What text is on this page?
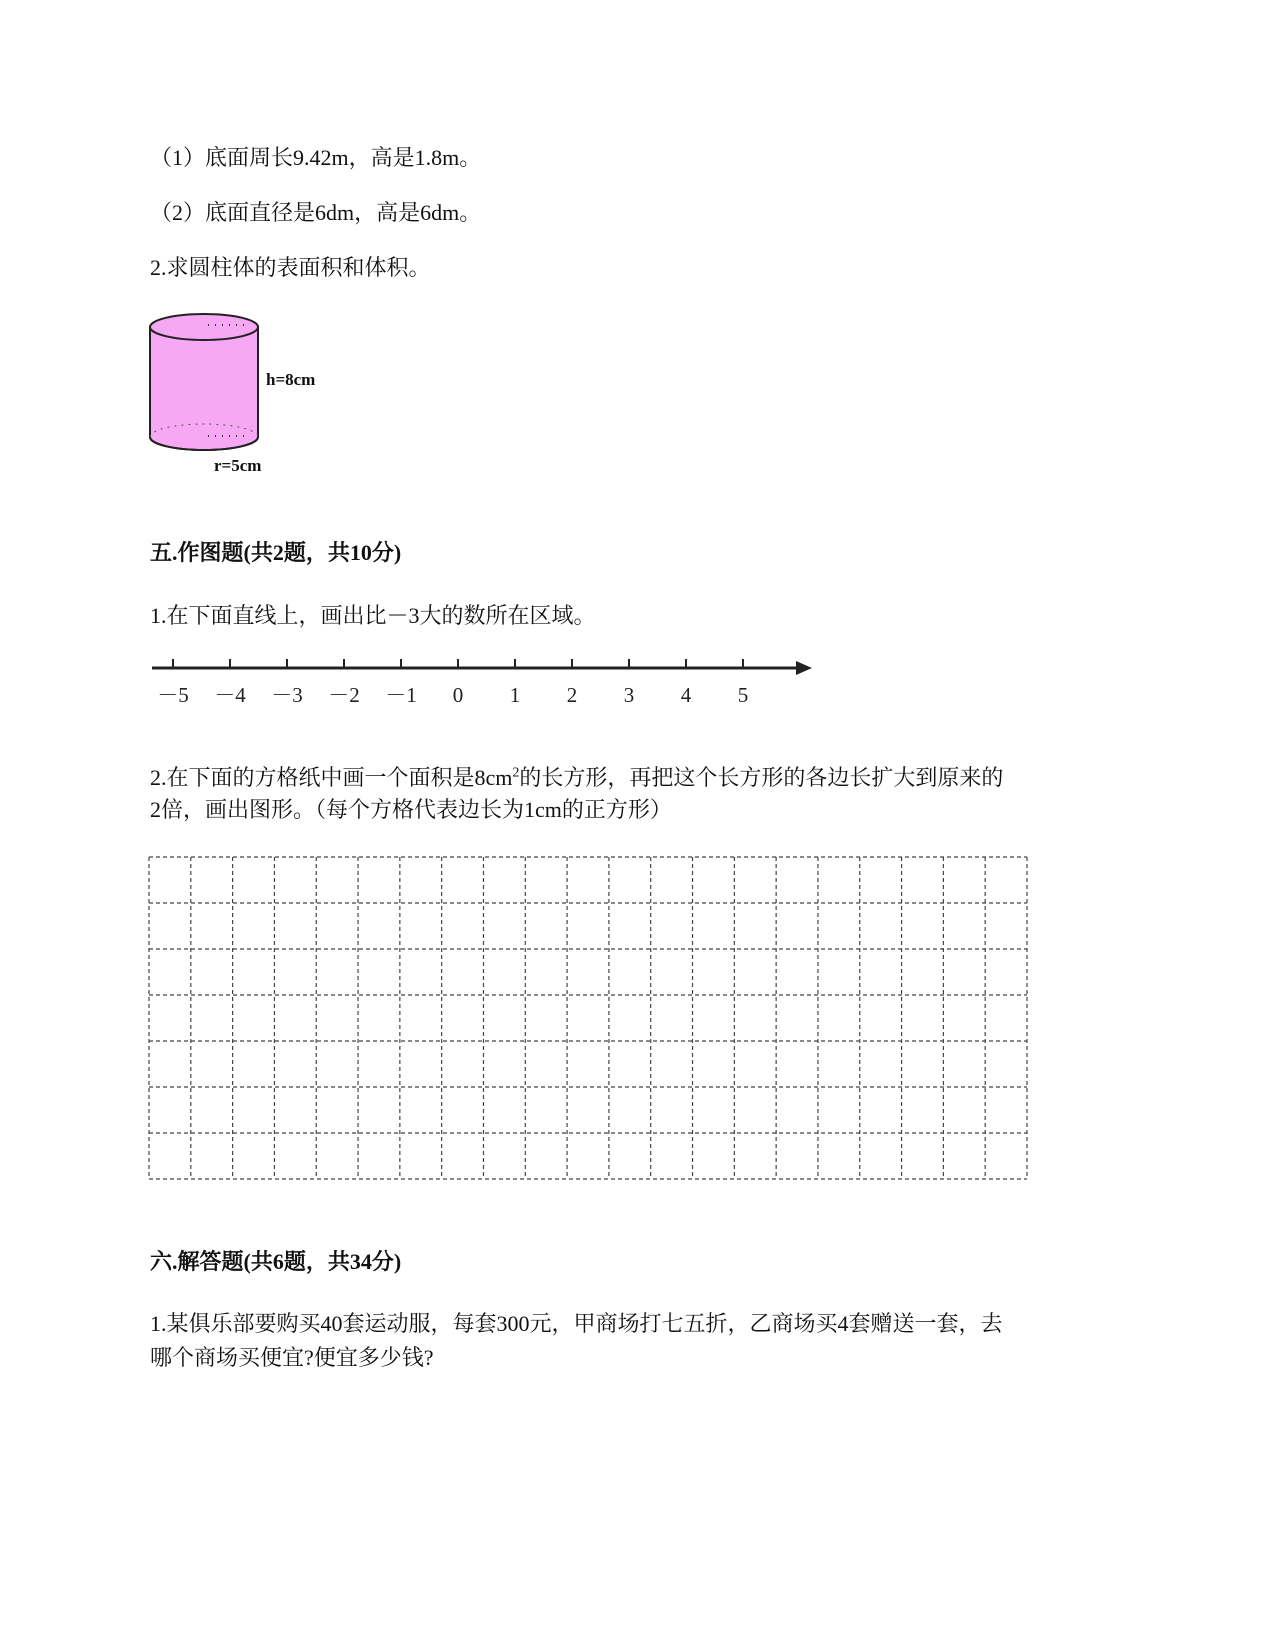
（1）底面周长9.42m，高是1.8m。
（2）底面直径是6dm，高是6dm。
2.求圆柱体的表面积和体积。
h=8cm
r=5cm
五.作图题(共2题，共10分)
1.在下面直线上，画出比－3大的数所在区域。
－5 －4 －3 －2 －1 0 1 2 3 4 5
2.在下面的方格纸中画一个面积是$8cm^2$的长方形，再把这个长方形的各边长扩大到原来的
2倍，画出图形。（每个方格代表边长为1cm的正方形）
六.解答题(共6题，共34分)
1.某俱乐部要购买40套运动服，每套300元，甲商场打七五折，乙商场买4套赠送一套，去
哪个商场买便宜?便宜多少钱?
